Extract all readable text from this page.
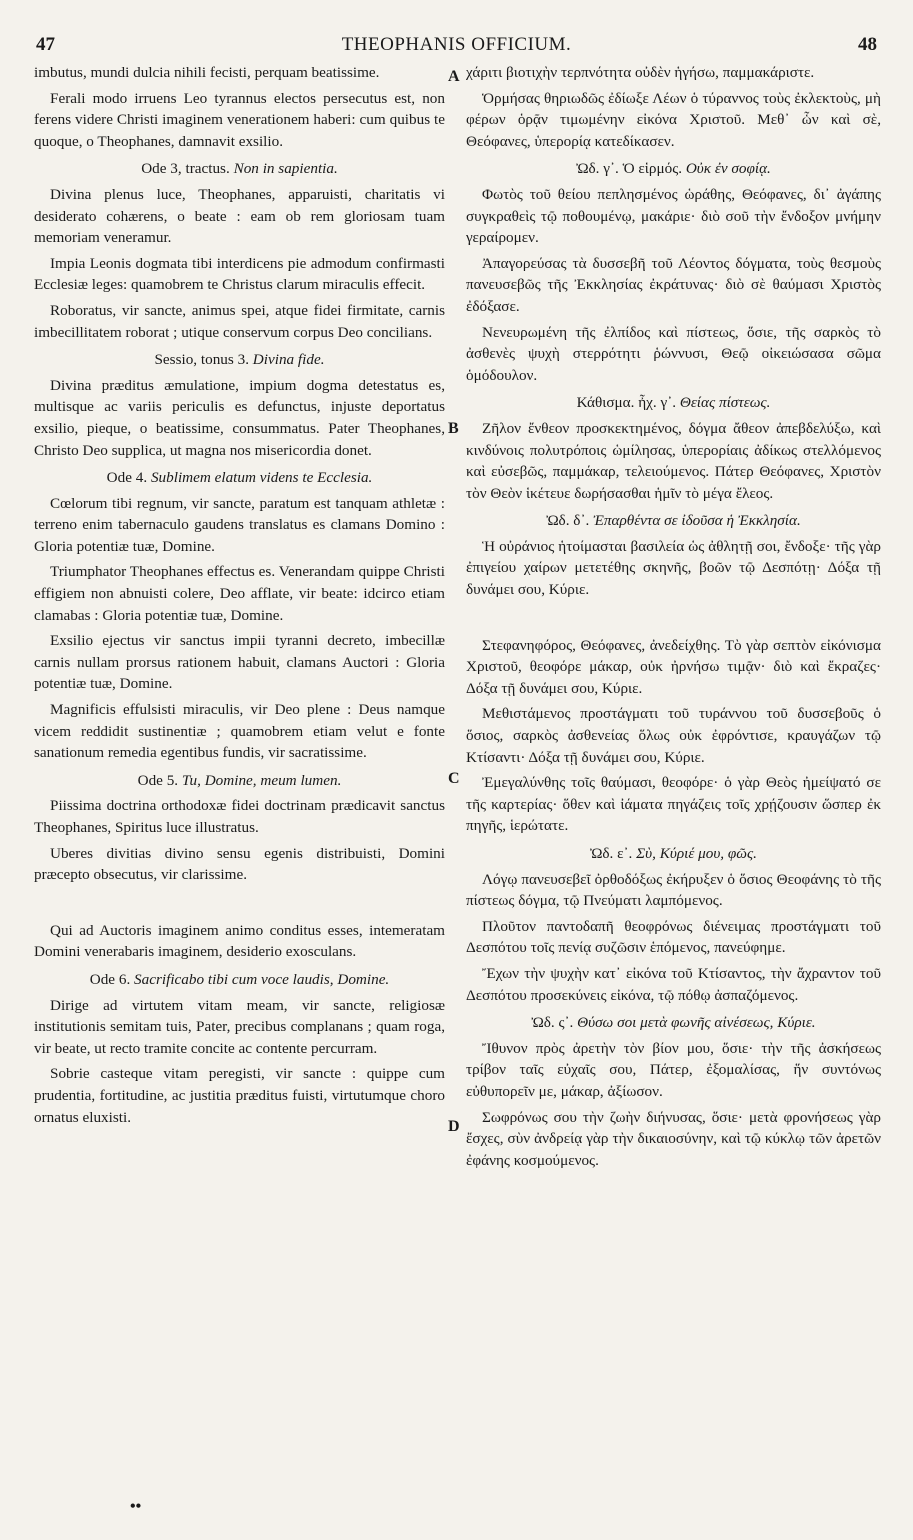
47	THEOPHANIS OFFICIUM.	48

imbutus, mundi dulcia nihili fecisti, perquam beatissime.

Ferali modo irruens Leo tyrannus electos persecutus est, non ferens videre Christi imaginem venerationem haberi: cum quibus te quoque, o Theophanes, damnavit exsilio.

Ode 3, tractus. Non in sapientia.

Divina plenus luce, Theophanes, apparuisti, charitatis vi desiderato cohærens, o beate : eam ob rem gloriosam tuam memoriam veneramur.

Impia Leonis dogmata tibi interdicens pie admodum confirmasti Ecclesiæ leges: quamobrem te Christus clarum miraculis effecit.

Roboratus, vir sancte, animus spei, atque fidei firmitate, carnis imbecillitatem roborat ; utique conservum corpus Deo concilians.

Sessio, tonus 3. Divina fide.

Divina præditus æmulatione, impium dogma detestatus es, multisque ac variis periculis es defunctus, injuste deportatus exsilio, pieque, o beatissime, consummatus. Pater Theophanes, Christo Deo supplica, ut magna nos misericordia donet.

Ode 4. Sublimem elatum videns te Ecclesia.

Cœlorum tibi regnum, vir sancte, paratum est tanquam athletæ : terreno enim tabernaculo gaudens translatus es clamans Domino : Gloria potentiæ tuæ, Domine.

Triumphator Theophanes effectus es. Venerandam quippe Christi effigiem non abnuisti colere, Deo afflate, vir beate: idcirco etiam clamabas : Gloria potentiæ tuæ, Domine.

Exsilio ejectus vir sanctus impii tyranni decreto, imbecillæ carnis nullam prorsus rationem habuit, clamans Auctori : Gloria potentiæ tuæ, Domine.

Magnificis effulsisti miraculis, vir Deo plene : Deus namque vicem reddidit sustinentiæ ; quamobrem etiam velut e fonte sanationum remedia egentibus fundis, vir sacratissime.

Ode 5. Tu, Domine, meum lumen.

Piissima doctrina orthodoxæ fidei doctrinam prædicavit sanctus Theophanes, Spiritus luce illustratus.

Uberes divitias divino sensu egenis distribuisti, Domini præcepto obsecutus, vir clarissime.

Qui ad Auctoris imaginem animo conditus esses, intemeratam Domini venerabaris imaginem, desiderio exosculans.

Ode 6. Sacrificabo tibi cum voce laudis, Domine.

Dirige ad virtutem vitam meam, vir sancte, religiosæ institutionis semitam tuis, Pater, precibus complanans ; quam roga, vir beate, ut recto tramite concite ac contente percurram.

Sobrie casteque vitam peregisti, vir sancte : quippe cum prudentia, fortitudine, ac justitia præditus fuisti, virtutumque choro ornatus eluxisti.

χάριτι βιοτιχὴν τερπνότητα οὐδὲν ἡγήσω, παμμακάριστε.

Ὁρμήσας θηριωδῶς ἐδίωξε Λέων ὁ τύραννος τοὺς ἐκλεκτοὺς, μὴ φέρων ὁρᾷν τιμωμένην εἰκόνα Χριστοῦ. Μεθ᾽ ὧν καὶ σὲ, Θεόφανες, ὑπερορίᾳ κατεδίκασεν.

Ὠδ. γ᾽. Ὁ εἱρμός. Οὐκ ἐν σοφίᾳ.

Φωτὸς τοῦ θείου πεπλησμένος ὡράθης, Θεόφανες, δι᾽ ἀγάπης συγκραθεὶς τῷ ποθουμένῳ, μακάριε· διὸ σοῦ τὴν ἔνδοξον μνήμην γεραίρομεν.

Ἀπαγορεύσας τὰ δυσσεβῆ τοῦ Λέοντος δόγματα, τοὺς θεσμοὺς πανευσεβῶς τῆς Ἐκκλησίας ἐκράτυνας· διὸ σὲ θαύμασι Χριστὸς ἐδόξασε.

Νενευρωμένη τῆς ἐλπίδος καὶ πίστεως, ὅσιε, τῆς σαρκὸς τὸ ἀσθενὲς ψυχὴ στερρότητι ῥώννυσι, Θεῷ οἰκειώσασα σῶμα ὁμόδουλον.

Κάθισμα. ἦχ. γ᾽. Θείας πίστεως.

Ζῆλον ἔνθεον προσκεκτημένος, δόγμα ἄθεον ἀπεβδελύξω, καὶ κινδύνοις πολυτρόποις ὡμίλησας, ὑπερορίαις ἀδίκως στελλόμενος καὶ εὐσεβῶς, παμμάκαρ, τελειούμενος. Πάτερ Θεόφανες, Χριστὸν τὸν Θεὸν ἱκέτευε δωρήσασθαι ἡμῖν τὸ μέγα ἔλεος.

Ὠδ. δ᾽. Ἐπαρθέντα σε ἰδοῦσα ἡ Ἐκκλησία.

Ἡ οὐράνιος ἡτοίμασται βασιλεία ὡς ἀθλητῇ σοι, ἔνδοξε· τῆς γὰρ ἐπιγείου χαίρων μετετέθης σκηνῆς, βοῶν τῷ Δεσπότῃ· Δόξα τῇ δυνάμει σου, Κύριε.

Στεφανηφόρος, Θεόφανες, ἀνεδείχθης. Τὸ γὰρ σεπτὸν εἰκόνισμα Χριστοῦ, θεοφόρε μάκαρ, οὐκ ἠρνήσω τιμᾷν· διὸ καὶ ἔκραζες· Δόξα τῇ δυνάμει σου, Κύριε.

Μεθιστάμενος προστάγματι τοῦ τυράννου τοῦ δυσσεβοῦς ὁ ὅσιος, σαρκὸς ἀσθενείας ὅλως οὐκ ἐφρόντισε, κραυγάζων τῷ Κτίσαντι· Δόξα τῇ δυνάμει σου, Κύριε.

Ἐμεγαλύνθης τοῖς θαύμασι, θεοφόρε· ὁ γὰρ Θεὸς ἠμείψατό σε τῆς καρτερίας· ὅθεν καὶ ἰάματα πηγάζεις τοῖς χρῄζουσιν ὥσπερ ἐκ πηγῆς, ἱερώτατε.

Ὠδ. ε᾽. Σὺ, Κύριέ μου, φῶς.

Λόγῳ πανευσεβεῖ ὀρθοδόξως ἐκήρυξεν ὁ ὅσιος Θεοφάνης τὸ τῆς πίστεως δόγμα, τῷ Πνεύματι λαμπόμενος.

Πλοῦτον παντοδαπῆ θεοφρόνως διένειμας προστάγματι τοῦ Δεσπότου τοῖς πενίᾳ συζῶσιν ἑπόμενος, πανεύφημε.

Ἔχων τὴν ψυχὴν κατ᾽ εἰκόνα τοῦ Κτίσαντος, τὴν ἄχραντον τοῦ Δεσπότου προσεκύνεις εἰκόνα, τῷ πόθῳ ἀσπαζόμενος.

Ὠδ. ς᾽. Θύσω σοι μετὰ φωνῆς αἰνέσεως, Κύριε.

Ἴθυνον πρὸς ἀρετὴν τὸν βίον μου, ὅσιε· τὴν τῆς ἀσκήσεως τρίβον ταῖς εὐχαῖς σου, Πάτερ, ἐξομαλίσας, ἥν συντόνως εὐθυπορεῖν με, μάκαρ, ἀξίωσον.

Σωφρόνως σου τὴν ζωὴν διήνυσας, ὅσιε· μετὰ φρονήσεως γὰρ ἔσχες, σὺν ἀνδρείᾳ γὰρ τὴν δικαιοσύνην, καὶ τῷ κύκλῳ τῶν ἀρετῶν ἐφάνης κοσμούμενος.

A
B
C
D
••
